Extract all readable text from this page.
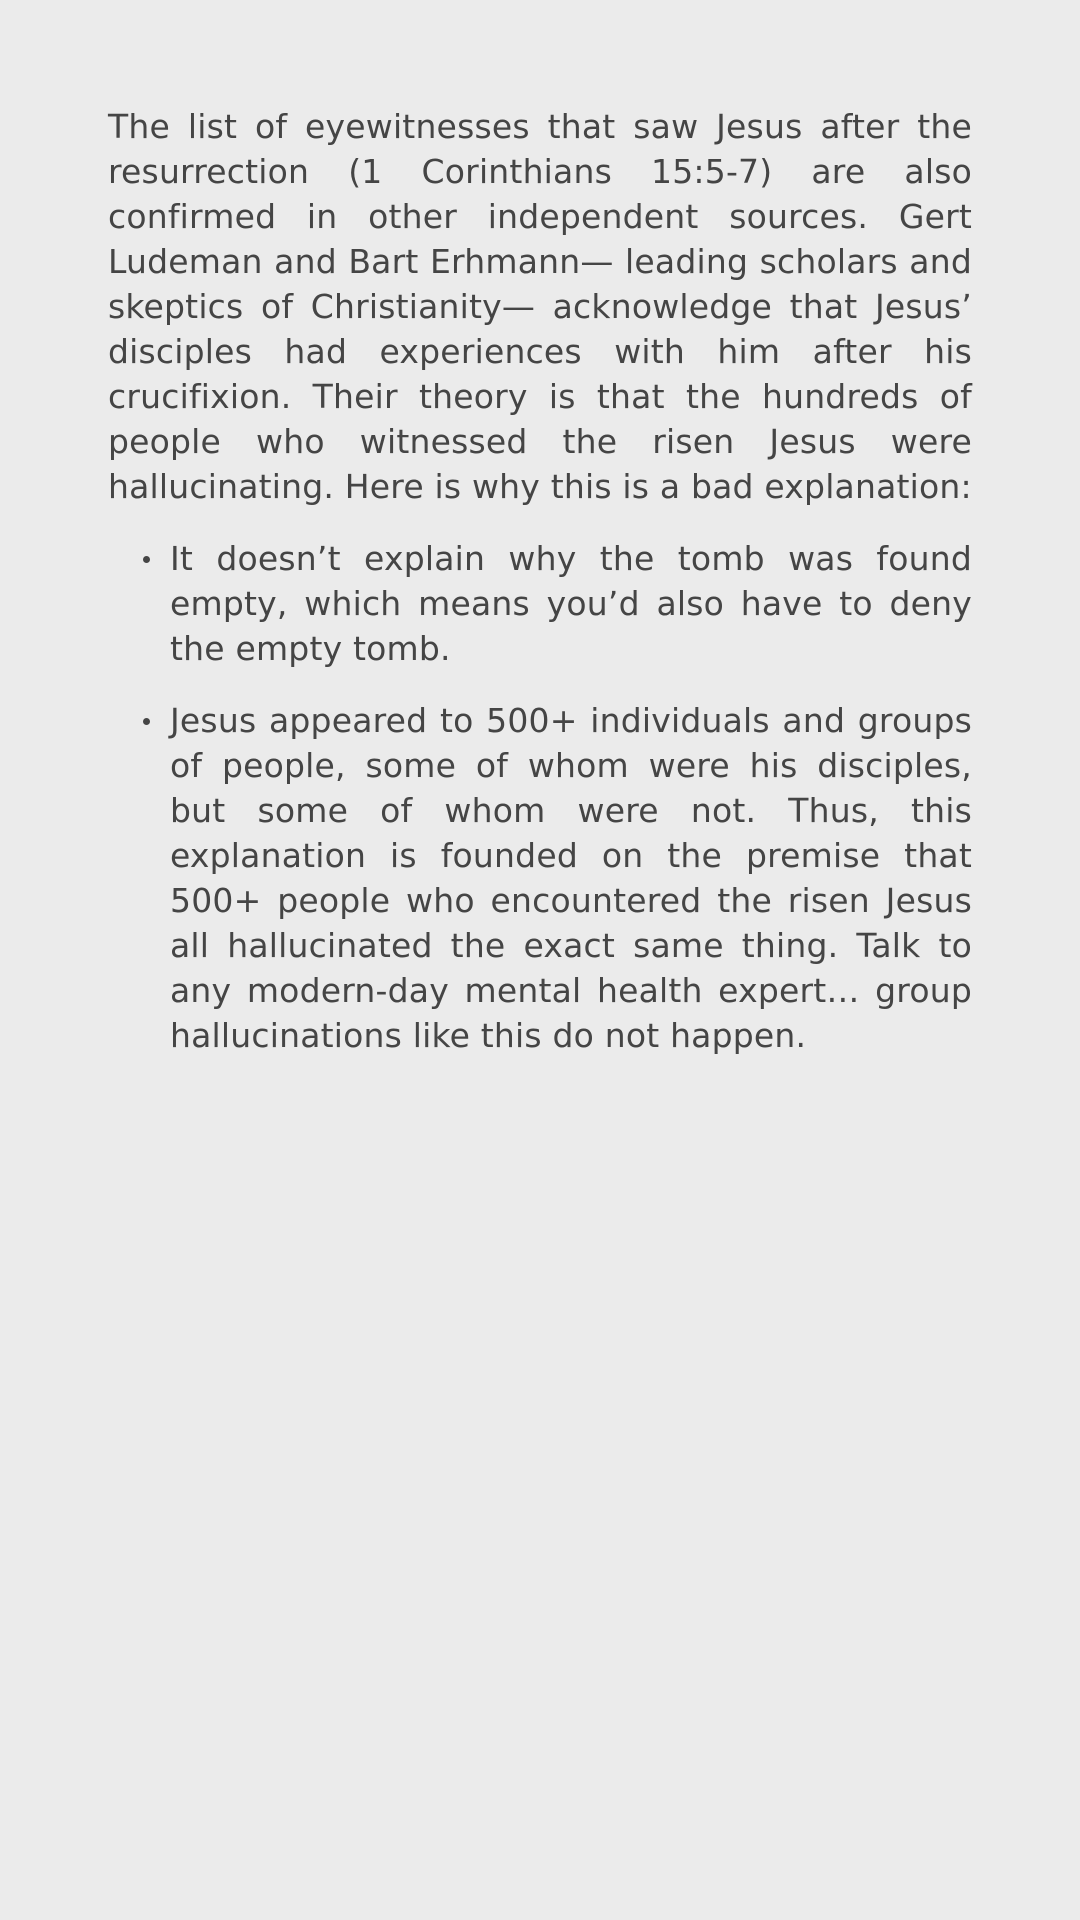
The list of eyewitnesses that saw Jesus after the resurrection (1 Corinthians 15:5-7) are also confirmed in other independent sources. Gert Ludeman and Bart Erhmann— leading scholars and skeptics of Christianity— acknowledge that Jesus’ disciples had experiences with him after his crucifixion. Their theory is that the hundreds of people who witnessed the risen Jesus were hallucinating. Here is why this is a bad explanation:

It doesn’t explain why the tomb was found empty, which means you’d also have to deny the empty tomb.
Jesus appeared to 500+ individuals and groups of people, some of whom were his disciples, but some of whom were not. Thus, this explanation is founded on the premise that 500+ people who encountered the risen Jesus all hallucinated the exact same thing. Talk to any modern-day mental health expert… group hallucinations like this do not happen.
